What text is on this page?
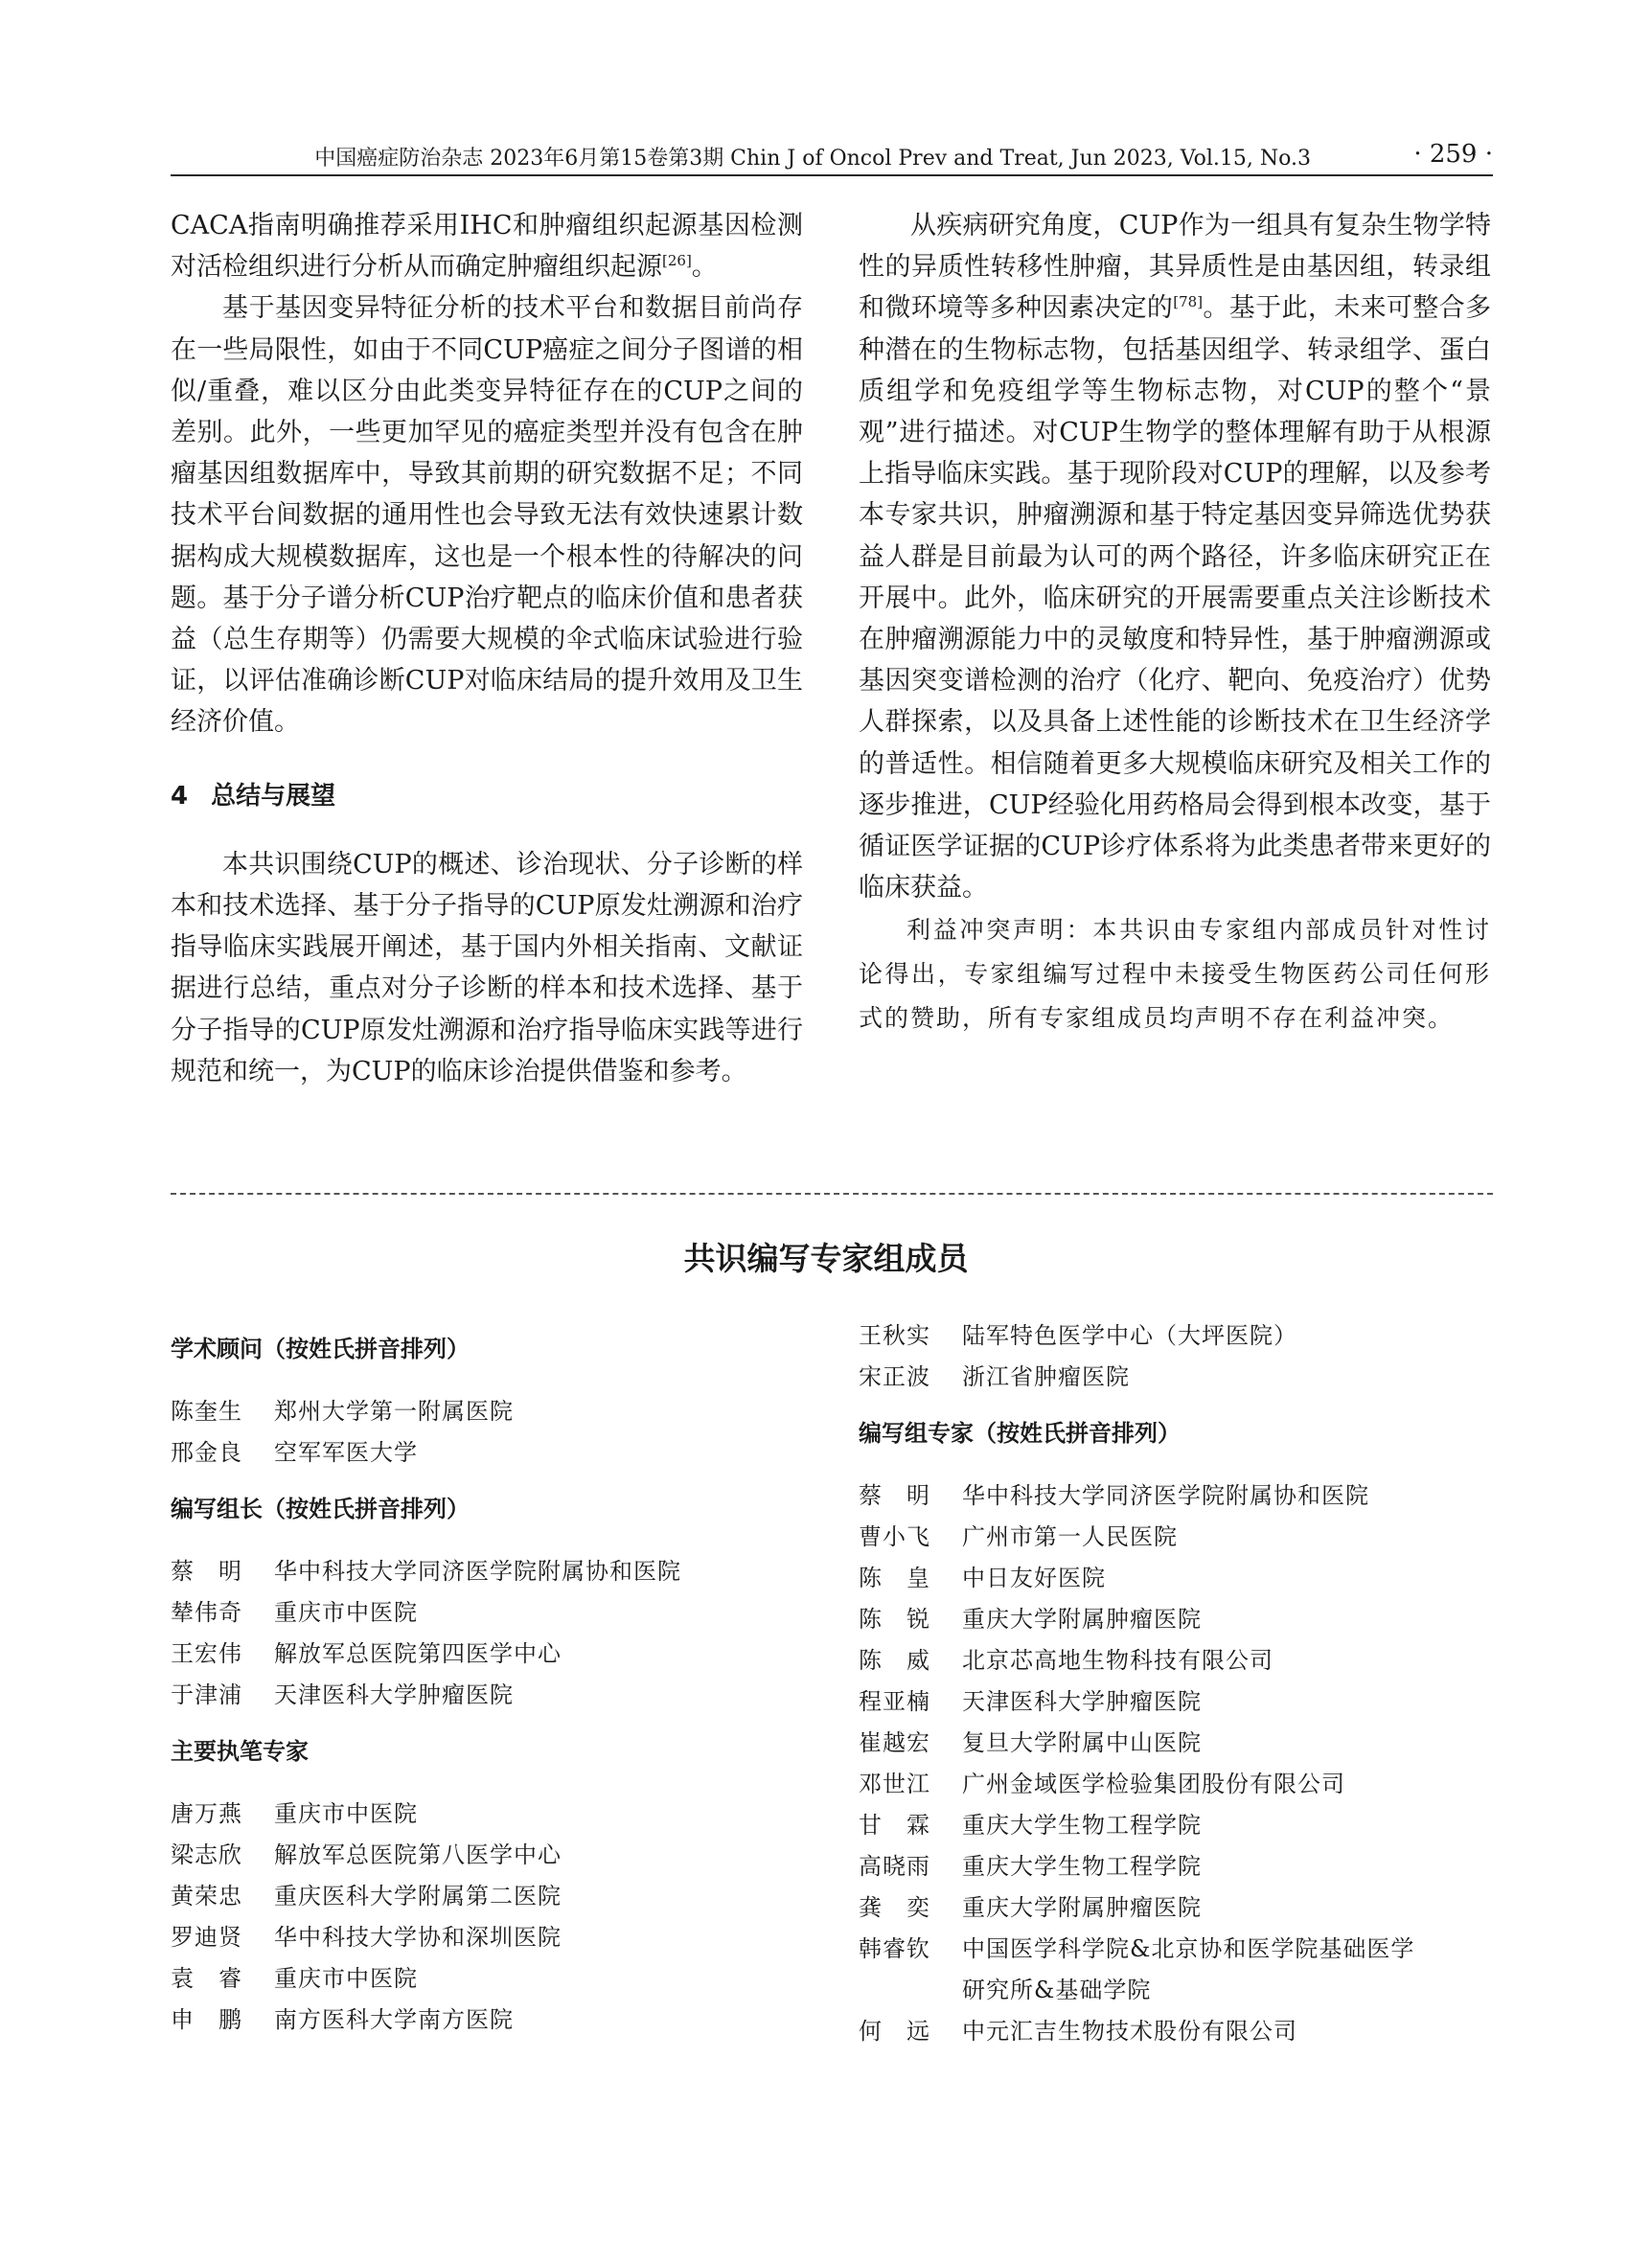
中国癌症防治杂志 2023年6月第15卷第3期 Chin J of Oncol Prev and Treat, Jun 2023, Vol.15, No.3	· 259 ·

CACA指南明确推荐采用IHC和肿瘤组织起源基因检测对活检组织进行分析从而确定肿瘤组织起源[26]。

基于基因变异特征分析的技术平台和数据目前尚存在一些局限性，如由于不同CUP癌症之间分子图谱的相似/重叠，难以区分由此类变异特征存在的CUP之间的差别。此外，一些更加罕见的癌症类型并没有包含在肿瘤基因组数据库中，导致其前期的研究数据不足；不同技术平台间数据的通用性也会导致无法有效快速累计数据构成大规模数据库，这也是一个根本性的待解决的问题。基于分子谱分析CUP治疗靶点的临床价值和患者获益（总生存期等）仍需要大规模的伞式临床试验进行验证，以评估准确诊断CUP对临床结局的提升效用及卫生经济价值。

4 总结与展望

本共识围绕CUP的概述、诊治现状、分子诊断的样本和技术选择、基于分子指导的CUP原发灶溯源和治疗指导临床实践展开阐述，基于国内外相关指南、文献证据进行总结，重点对分子诊断的样本和技术选择、基于分子指导的CUP原发灶溯源和治疗指导临床实践等进行规范和统一，为CUP的临床诊治提供借鉴和参考。

从疾病研究角度，CUP作为一组具有复杂生物学特性的异质性转移性肿瘤，其异质性是由基因组，转录组和微环境等多种因素决定的[78]。基于此，未来可整合多种潜在的生物标志物，包括基因组学、转录组学、蛋白质组学和免疫组学等生物标志物，对CUP的整个“景观”进行描述。对CUP生物学的整体理解有助于从根源上指导临床实践。基于现阶段对CUP的理解，以及参考本专家共识，肿瘤溯源和基于特定基因变异筛选优势获益人群是目前最为认可的两个路径，许多临床研究正在开展中。此外，临床研究的开展需要重点关注诊断技术在肿瘤溯源能力中的灵敏度和特异性，基于肿瘤溯源或基因突变谱检测的治疗（化疗、靶向、免疫治疗）优势人群探索，以及具备上述性能的诊断技术在卫生经济学的普适性。相信随着更多大规模临床研究及相关工作的逐步推进，CUP经验化用药格局会得到根本改变，基于循证医学证据的CUP诊疗体系将为此类患者带来更好的临床获益。

利益冲突声明：本共识由专家组内部成员针对性讨论得出，专家组编写过程中未接受生物医药公司任何形式的赞助，所有专家组成员均声明不存在利益冲突。

共识编写专家组成员
学术顾问（按姓氏拼音排列）
陈奎生	郑州大学第一附属医院
邢金良	空军军医大学
编写组长（按姓氏拼音排列）
蔡　明	华中科技大学同济医学院附属协和医院
辇伟奇	重庆市中医院
王宏伟	解放军总医院第四医学中心
于津浦	天津医科大学肿瘤医院
主要执笔专家
唐万燕	重庆市中医院
梁志欣	解放军总医院第八医学中心
黄荣忠	重庆医科大学附属第二医院
罗迪贤	华中科技大学协和深圳医院
袁　睿	重庆市中医院
申　鹏	南方医科大学南方医院
王秋实	陆军特色医学中心（大坪医院）
宋正波	浙江省肿瘤医院
编写组专家（按姓氏拼音排列）
蔡　明	华中科技大学同济医学院附属协和医院
曹小飞	广州市第一人民医院
陈　皇	中日友好医院
陈　锐	重庆大学附属肿瘤医院
陈　威	北京芯高地生物科技有限公司
程亚楠	天津医科大学肿瘤医院
崔越宏	复旦大学附属中山医院
邓世江	广州金域医学检验集团股份有限公司
甘　霖	重庆大学生物工程学院
高晓雨	重庆大学生物工程学院
龚　奕	重庆大学附属肿瘤医院
韩睿钦	中国医学科学院&北京协和医学院基础医学
研究所&基础学院
何　远	中元汇吉生物技术股份有限公司
